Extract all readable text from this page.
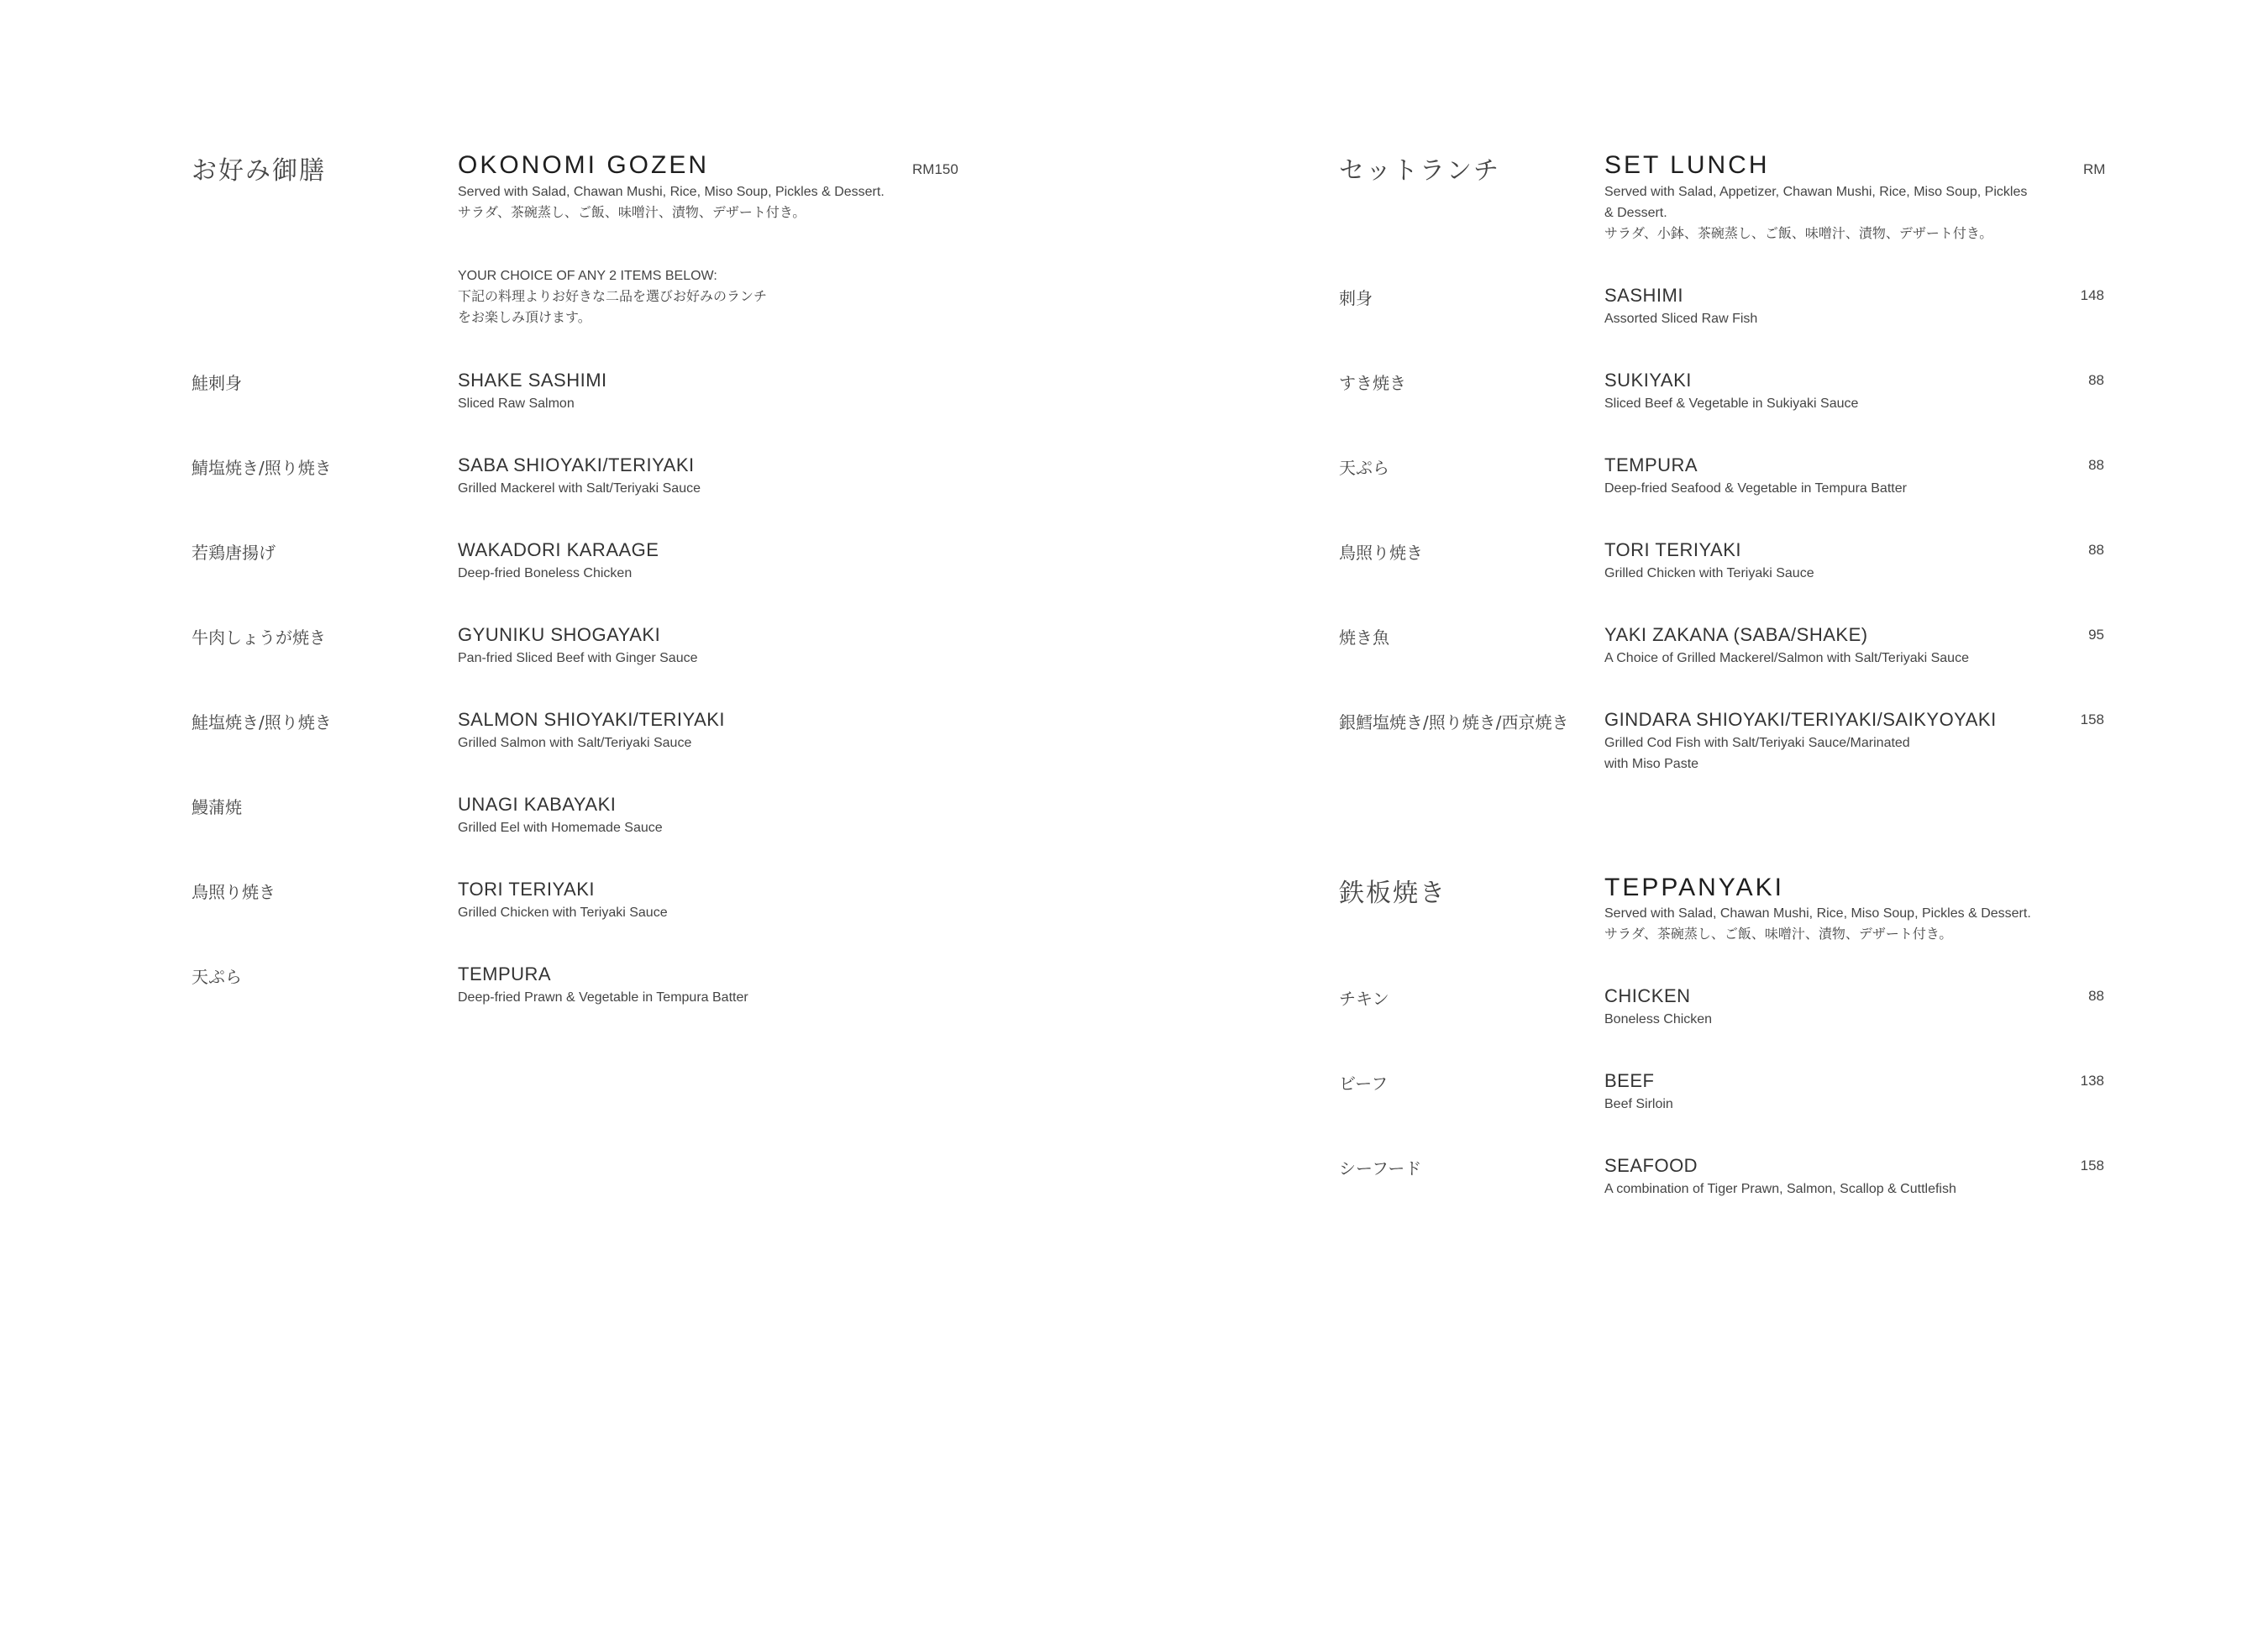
お好み御膳	OKONOMI GOZEN	RM150
Served with Salad, Chawan Mushi, Rice, Miso Soup, Pickles & Dessert.
サラダ、茶碗蒸し、ご飯、味噌汁、漬物、デザート付き。
YOUR CHOICE OF ANY 2 ITEMS BELOW:
下記の料理よりお好きな二品を選びお好みのランチ
をお楽しみ頂けます。
鮭刺身	SHAKE SASHIMI
Sliced Raw Salmon
鯖塩焼き/照り焼き	SABA SHIOYAKI/TERIYAKI
Grilled Mackerel with Salt/Teriyaki Sauce
若鶏唐揚げ	WAKADORI KARAAGE
Deep-fried Boneless Chicken
牛肉しょうが焼き	GYUNIKU SHOGAYAKI
Pan-fried Sliced Beef with Ginger Sauce
鮭塩焼き/照り焼き	SALMON SHIOYAKI/TERIYAKI
Grilled Salmon with Salt/Teriyaki Sauce
鰻蒲焼	UNAGI KABAYAKI
Grilled Eel with Homemade Sauce
鳥照り焼き	TORI TERIYAKI
Grilled Chicken with Teriyaki Sauce
天ぷら	TEMPURA
Deep-fried Prawn & Vegetable in Tempura Batter
セットランチ	SET LUNCH	RM
Served with Salad, Appetizer, Chawan Mushi, Rice, Miso Soup, Pickles
& Dessert.
サラダ、小鉢、茶碗蒸し、ご飯、味噌汁、漬物、デザート付き。
刺身	SASHIMI
Assorted Sliced Raw Fish
148
すき焼き	SUKIYAKI
Sliced Beef & Vegetable in Sukiyaki Sauce
88
天ぷら	TEMPURA
Deep-fried Seafood & Vegetable in Tempura Batter
88
鳥照り焼き	TORI TERIYAKI
Grilled Chicken with Teriyaki Sauce
88
焼き魚	YAKI ZAKANA (SABA/SHAKE)
A Choice of Grilled Mackerel/Salmon with Salt/Teriyaki Sauce
95
銀鱈塩焼き/照り焼き/西京焼き GINDARA SHIOYAKI/TERIYAKI/SAIKYOYAKI
Grilled Cod Fish with Salt/Teriyaki Sauce/Marinated
with Miso Paste
158
鉄板焼き	TEPPANYAKI
Served with Salad, Chawan Mushi, Rice, Miso Soup, Pickles & Dessert.
サラダ、茶碗蒸し、ご飯、味噌汁、漬物、デザート付き。
チキン	CHICKEN
Boneless Chicken
88
ビーフ	BEEF
Beef Sirloin
138
シーフード	SEAFOOD
A combination of Tiger Prawn, Salmon, Scallop & Cuttlefish
158
